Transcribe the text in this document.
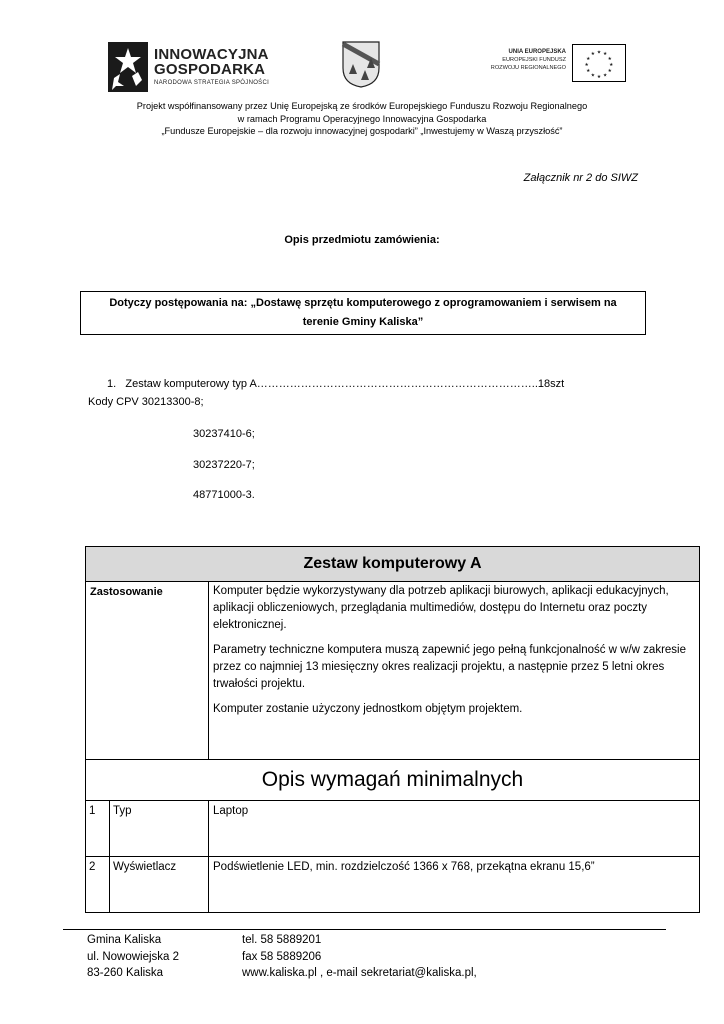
INNOWACYJNA
GOSPODARKA
NARODOWA STRATEGIA SPÓJNOŚCI
UNIA EUROPEJSKA
EUROPEJSKI FUNDUSZ
ROZWOJU REGIONALNEGO
★ ★
★
★
★
★
★
★
★
★
★
★
Projekt współfinansowany przez Unię Europejską ze środków Europejskiego Funduszu Rozwoju Regionalnego
w ramach Programu Operacyjnego Innowacyjna Gospodarka
„Fundusze Europejskie – dla rozwoju innowacyjnej gospodarki” „Inwestujemy w Waszą przyszłość”
Załącznik nr 2 do SIWZ
Opis przedmiotu zamówienia:
Dotyczy postępowania na: „Dostawę sprzętu komputerowego z oprogramowaniem i serwisem na
terenie Gminy Kaliska”
1. Zestaw komputerowy typ A…………………………………………………………………..18szt
Kody CPV 30213300-8;
30237410-6;
30237220-7;
48771000-3.
Zestaw komputerowy A		
Zastosowanie		Komputer będzie wykorzystywany dla potrzeb aplikacji biurowych, aplikacji edukacyjnych, aplikacji obliczeniowych, przeglądania multimediów, dostępu do Internetu oraz poczty elektronicznej.

Parametry techniczne komputera muszą zapewnić jego pełną funkcjonalność w w/w zakresie przez co najmniej 13 miesięczny okres realizacji projektu, a następnie przez 5 letni okres trwałości projektu.

Komputer zostanie użyczony jednostkom objętym projektem.

Opis wymagań minimalnych		
1	Typ	Laptop
2	Wyświetlacz	Podświetlenie LED, min. rozdzielczość 1366 x 768, przekątna ekranu 15,6”
Gmina Kaliska
ul. Nowowiejska 2
83-260 Kaliska
tel. 58 5889201
fax 58 5889206
www.kaliska.pl , e-mail sekretariat@kaliska.pl,
